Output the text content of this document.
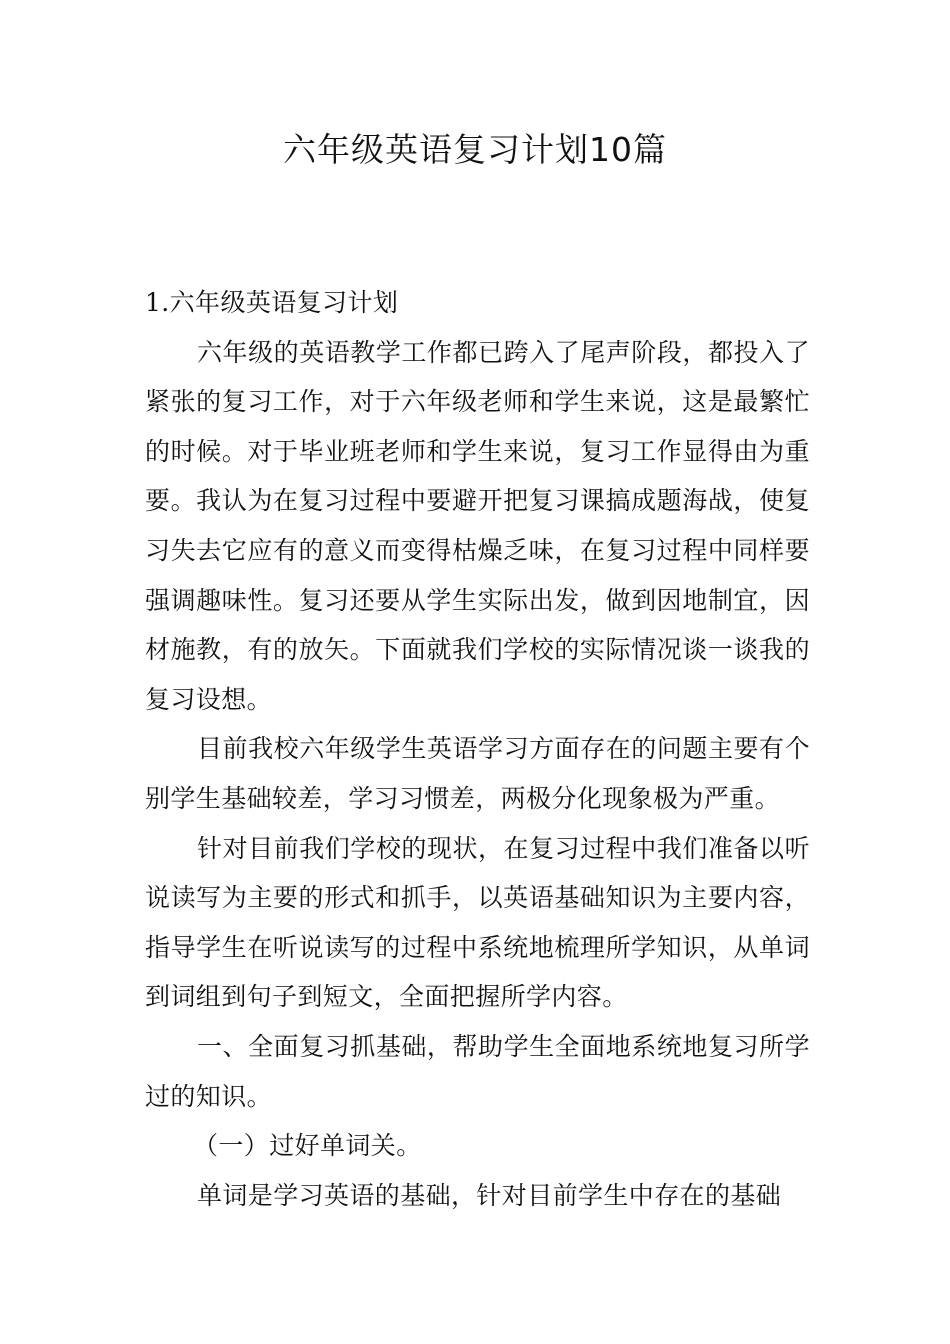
六年级英语复习计划10篇

1.六年级英语复习计划

六年级的英语教学工作都已跨入了尾声阶段，都投入了紧张的复习工作，对于六年级老师和学生来说，这是最繁忙的时候。对于毕业班老师和学生来说，复习工作显得由为重要。我认为在复习过程中要避开把复习课搞成题海战，使复习失去它应有的意义而变得枯燥乏味，在复习过程中同样要强调趣味性。复习还要从学生实际出发，做到因地制宜，因材施教，有的放矢。下面就我们学校的实际情况谈一谈我的复习设想。

目前我校六年级学生英语学习方面存在的问题主要有个别学生基础较差，学习习惯差，两极分化现象极为严重。

针对目前我们学校的现状，在复习过程中我们准备以听说读写为主要的形式和抓手，以英语基础知识为主要内容，指导学生在听说读写的过程中系统地梳理所学知识，从单词到词组到句子到短文，全面把握所学内容。

一、全面复习抓基础，帮助学生全面地系统地复习所学过的知识。

（一）过好单词关。

单词是学习英语的基础，针对目前学生中存在的基础
